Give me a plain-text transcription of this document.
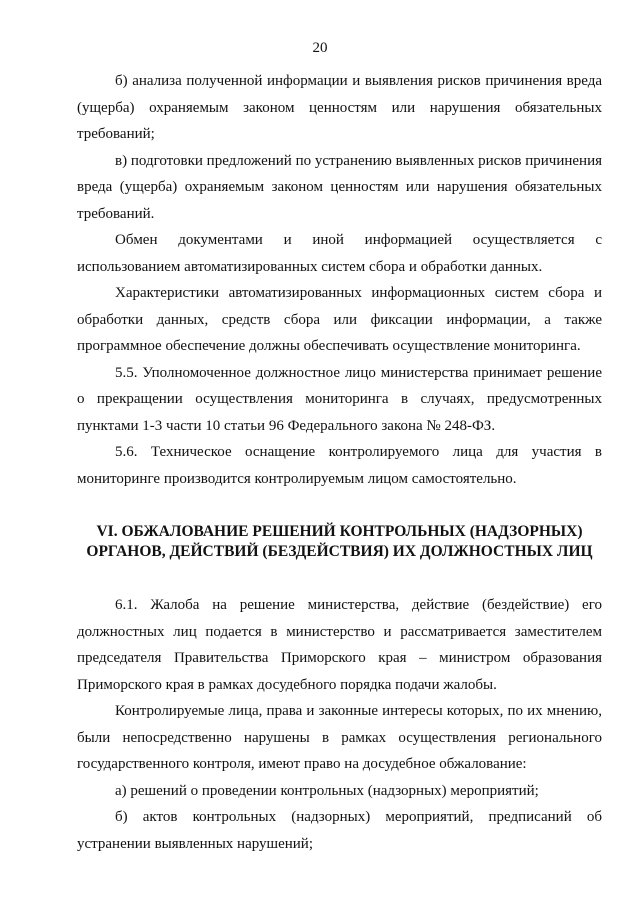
20

б) анализа полученной информации и выявления рисков причинения вреда (ущерба) охраняемым законом ценностям или нарушения обязательных требований;

в) подготовки предложений по устранению выявленных рисков причинения вреда (ущерба) охраняемым законом ценностям или нарушения обязательных требований.

Обмен документами и иной информацией осуществляется с использованием автоматизированных систем сбора и обработки данных.

Характеристики автоматизированных информационных систем сбора и обработки данных, средств сбора или фиксации информации, а также программное обеспечение должны обеспечивать осуществление мониторинга.

5.5. Уполномоченное должностное лицо министерства принимает решение о прекращении осуществления мониторинга в случаях, предусмотренных пунктами 1-3 части 10 статьи 96 Федерального закона № 248-ФЗ.

5.6. Техническое оснащение контролируемого лица для участия в мониторинге производится контролируемым лицом самостоятельно.

VI. ОБЖАЛОВАНИЕ РЕШЕНИЙ КОНТРОЛЬНЫХ (НАДЗОРНЫХ) ОРГАНОВ, ДЕЙСТВИЙ (БЕЗДЕЙСТВИЯ) ИХ ДОЛЖНОСТНЫХ ЛИЦ

6.1. Жалоба на решение министерства, действие (бездействие) его должностных лиц подается в министерство и рассматривается заместителем председателя Правительства Приморского края – министром образования Приморского края в рамках досудебного порядка подачи жалобы.

Контролируемые лица, права и законные интересы которых, по их мнению, были непосредственно нарушены в рамках осуществления регионального государственного контроля, имеют право на досудебное обжалование:

а) решений о проведении контрольных (надзорных) мероприятий;

б) актов контрольных (надзорных) мероприятий, предписаний об устранении выявленных нарушений;
